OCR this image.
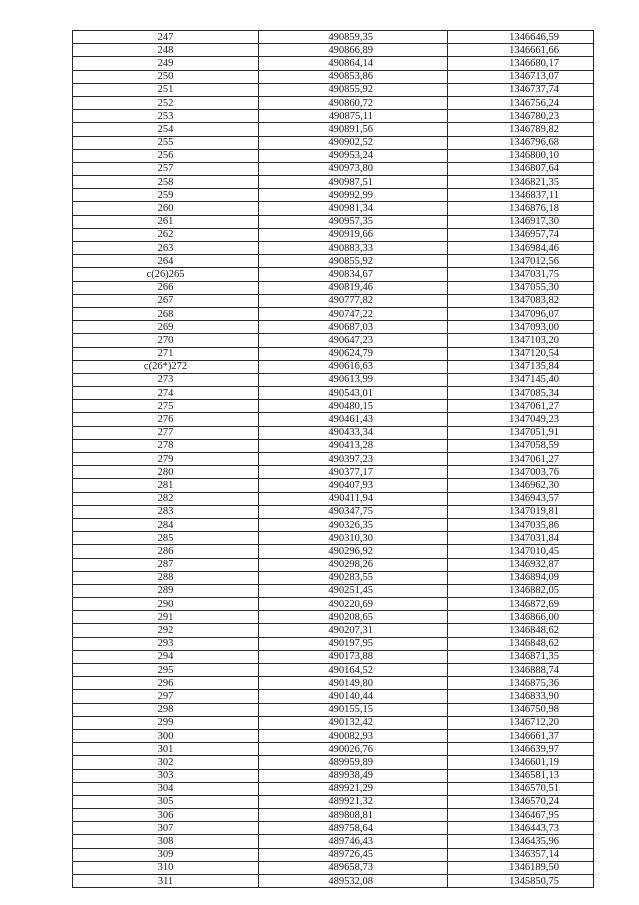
247	490859,35	1346646,59
248	490866,89	1346661,66
249	490864,14	1346680,17
250	490853,86	1346713,07
251	490855,92	1346737,74
252	490860,72	1346756,24
253	490875,11	1346780,23
254	490891,56	1346789,82
255	490902,52	1346796,68
256	490953,24	1346800,10
257	490973,80	1346807,64
258	490987,51	1346821,35
259	490992,99	1346837,11
260	490981,34	1346876,18
261	490957,35	1346917,30
262	490919,66	1346957,74
263	490883,33	1346984,46
264	490855,92	1347012,56
c(26)265	490834,67	1347031,75
266	490819,46	1347055,30
267	490777,82	1347083,82
268	490747,22	1347096,07
269	490687,03	1347093,00
270	490647,23	1347103,20
271	490624,79	1347120,54
c(26*)272	490616,63	1347135,84
273	490613,99	1347145,40
274	490543,01	1347085,34
275	490480,15	1347061,27
276	490461,43	1347049,23
277	490433,34	1347051,91
278	490413,28	1347058,59
279	490397,23	1347061,27
280	490377,17	1347003,76
281	490407,93	1346962,30
282	490411,94	1346943,57
283	490347,75	1347019,81
284	490326,35	1347035,86
285	490310,30	1347031,84
286	490296,92	1347010,45
287	490298,26	1346932,87
288	490283,55	1346894,09
289	490251,45	1346882,05
290	490220,69	1346872,69
291	490208,65	1346866,00
292	490207,31	1346848,62
293	490197,95	1346848,62
294	490173,88	1346871,35
295	490164,52	1346888,74
296	490149,80	1346875,36
297	490140,44	1346833,90
298	490155,15	1346750,98
299	490132,42	1346712,20
300	490082,93	1346661,37
301	490026,76	1346639,97
302	489959,89	1346601,19
303	489938,49	1346581,13
304	489921,29	1346570,51
305	489921,32	1346570,24
306	489808,81	1346467,95
307	489758,64	1346443,73
308	489746,43	1346435,96
309	489726,45	1346357,14
310	489658,73	1346189,50
311	489532,08	1345850,75
